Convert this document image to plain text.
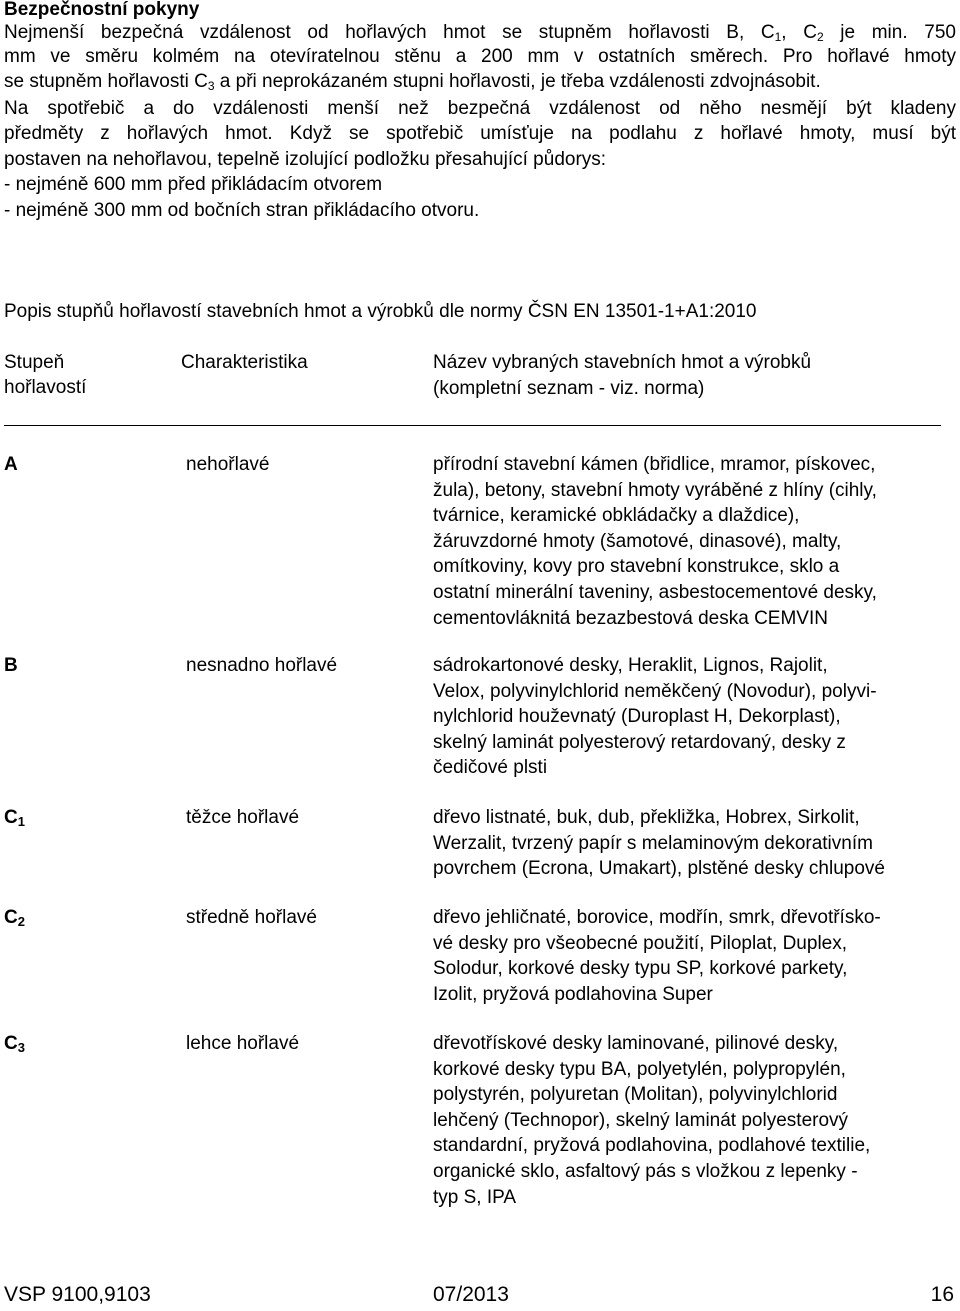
Bezpečnostní pokyny
Nejmenší bezpečná vzdálenost od hořlavých hmot se stupněm hořlavosti B, $C_1$, $C_2$ je min. 750
mm ve směru kolmém na otevíratelnou stěnu a 200 mm v ostatních směrech. Pro hořlavé hmoty
se stupněm hořlavosti $C_3$ a při neprokázaném stupni hořlavosti, je třeba vzdálenosti zdvojnásobit.
Na spotřebič a do vzdálenosti menší než bezpečná vzdálenost od něho nesmějí být kladeny
předměty z hořlavých hmot. Když se spotřebič umísťuje na podlahu z hořlavé hmoty, musí být
postaven na nehořlavou, tepelně izolující podložku přesahující půdorys:
- nejméně 600 mm před přikládacím otvorem
- nejméně 300 mm od bočních stran přikládacího otvoru.
Popis stupňů hořlavostí stavebních hmot a výrobků dle normy ČSN EN 13501-1+A1:2010
Stupeň
hořlavostí
Charakteristika	Název vybraných stavebních hmot a výrobků
(kompletní seznam - viz. norma)
A	nehořlavé	přírodní stavební kámen (břidlice, mramor, pískovec,
žula), betony, stavební hmoty vyráběné z hlíny (cihly,
tvárnice, keramické obkládačky a dlaždice),
žáruvzdorné hmoty (šamotové, dinasové), malty,
omítkoviny, kovy pro stavební konstrukce, sklo a
ostatní minerální taveniny, asbestocementové desky,
cementovláknitá bezazbestová deska CEMVIN
B	nesnadno hořlavé	sádrokartonové desky, Heraklit, Lignos, Rajolit,
Velox, polyvinylchlorid neměkčený (Novodur), polyvi-
nylchlorid houževnatý (Duroplast H, Dekorplast),
skelný laminát polyesterový retardovaný, desky z
čedičové plsti
$C_1$	těžce hořlavé	dřevo listnaté, buk, dub, překližka, Hobrex, Sirkolit,
Werzalit, tvrzený papír s melaminovým dekorativním
povrchem (Ecrona, Umakart), plstěné desky chlupové
$C_2$	středně hořlavé	dřevo jehličnaté, borovice, modřín, smrk, dřevotřísko-
vé desky pro všeobecné použití, Piloplat, Duplex,
Solodur, korkové desky typu SP, korkové parkety,
Izolit, pryžová podlahovina Super
$C_3$	lehce hořlavé	dřevotřískové desky laminované, pilinové desky,
korkové desky typu BA, polyetylén, polypropylén,
polystyrén, polyuretan (Molitan), polyvinylchlorid
lehčený (Technopor), skelný laminát polyesterový
standardní, pryžová podlahovina, podlahové textilie,
organické sklo, asfaltový pás s vložkou z lepenky -
typ S, IPA
VSP 9100,9103	07/2013	16
